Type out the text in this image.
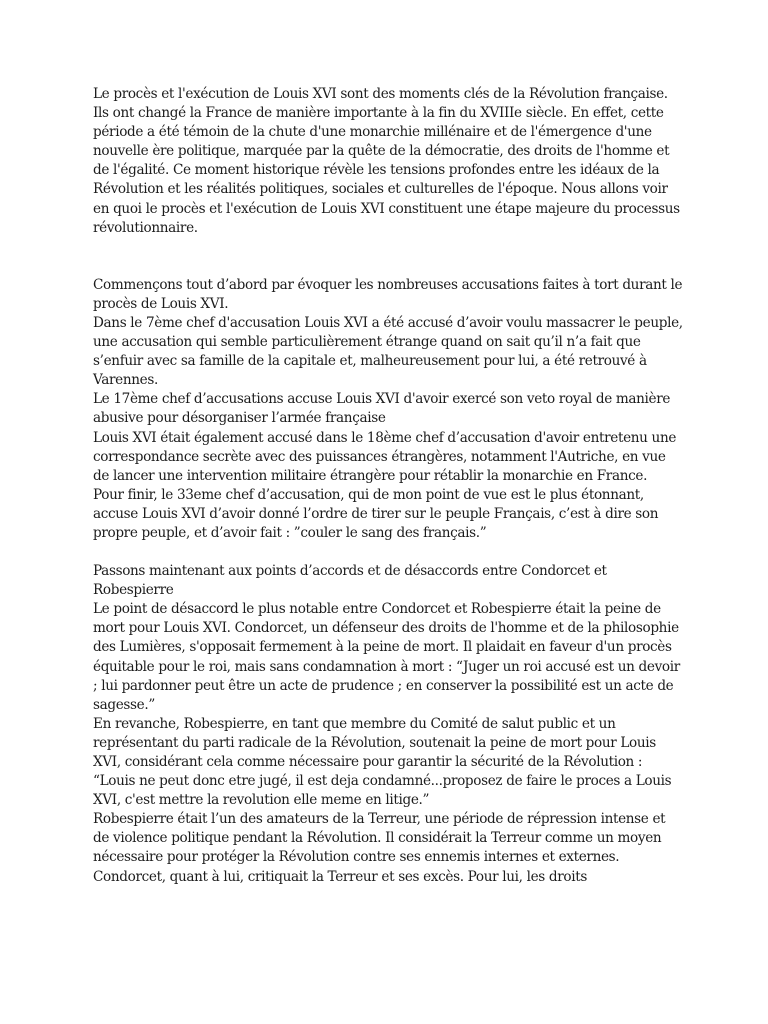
Le procès et l'exécution de Louis XVI sont des moments clés de la Révolution française. Ils ont changé la France de manière importante à la fin du XVIIIe siècle. En effet, cette période a été témoin de la chute d'une monarchie millénaire et de l'émergence d'une nouvelle ère politique, marquée par la quête de la démocratie, des droits de l'homme et de l'égalité. Ce moment historique révèle les tensions profondes entre les idéaux de la Révolution et les réalités politiques, sociales et culturelles de l'époque. Nous allons voir en quoi le procès et l'exécution de Louis XVI constituent une étape majeure du processus révolutionnaire.

Commençons tout d’abord par évoquer les nombreuses accusations faites à tort durant le procès de Louis XVI.

Dans le 7ème chef d'accusation Louis XVI a été accusé d’avoir voulu massacrer le peuple, une accusation qui semble particulièrement étrange quand on sait qu’il n’a fait que s’enfuir avec sa famille de la capitale et, malheureusement pour lui, a été retrouvé à Varennes.

Le 17ème chef d’accusations accuse Louis XVI d'avoir exercé son veto royal de manière abusive pour désorganiser l’armée française

Louis XVI était également accusé dans le 18ème chef d’accusation d'avoir entretenu une correspondance secrète avec des puissances étrangères, notamment l'Autriche, en vue de lancer une intervention militaire étrangère pour rétablir la monarchie en France.

Pour finir, le 33eme chef d’accusation, qui de mon point de vue est le plus étonnant, accuse Louis XVI d’avoir donné l’ordre de tirer sur le peuple Français, c’est à dire son propre peuple, et d’avoir fait : ”couler le sang des français.”

Passons maintenant aux points d’accords et de désaccords entre Condorcet et Robespierre

Le point de désaccord le plus notable entre Condorcet et Robespierre était la peine de mort pour Louis XVI. Condorcet, un défenseur des droits de l'homme et de la philosophie des Lumières, s'opposait fermement à la peine de mort. Il plaidait en faveur d'un procès équitable pour le roi, mais sans condamnation à mort : “Juger un roi accusé est un devoir ; lui pardonner peut être un acte de prudence ; en conserver la possibilité est un acte de sagesse.”

En revanche, Robespierre, en tant que membre du Comité de salut public et un représentant du parti radicale de la Révolution, soutenait la peine de mort pour Louis XVI, considérant cela comme nécessaire pour garantir la sécurité de la Révolution : “Louis ne peut donc etre jugé, il est deja condamné...proposez de faire le proces a Louis XVI, c'est mettre la revolution elle meme en litige.”

Robespierre était l’un des amateurs de la Terreur, une période de répression intense et de violence politique pendant la Révolution. Il considérait la Terreur comme un moyen nécessaire pour protéger la Révolution contre ses ennemis internes et externes. Condorcet, quant à lui, critiquait la Terreur et ses excès. Pour lui, les droits
